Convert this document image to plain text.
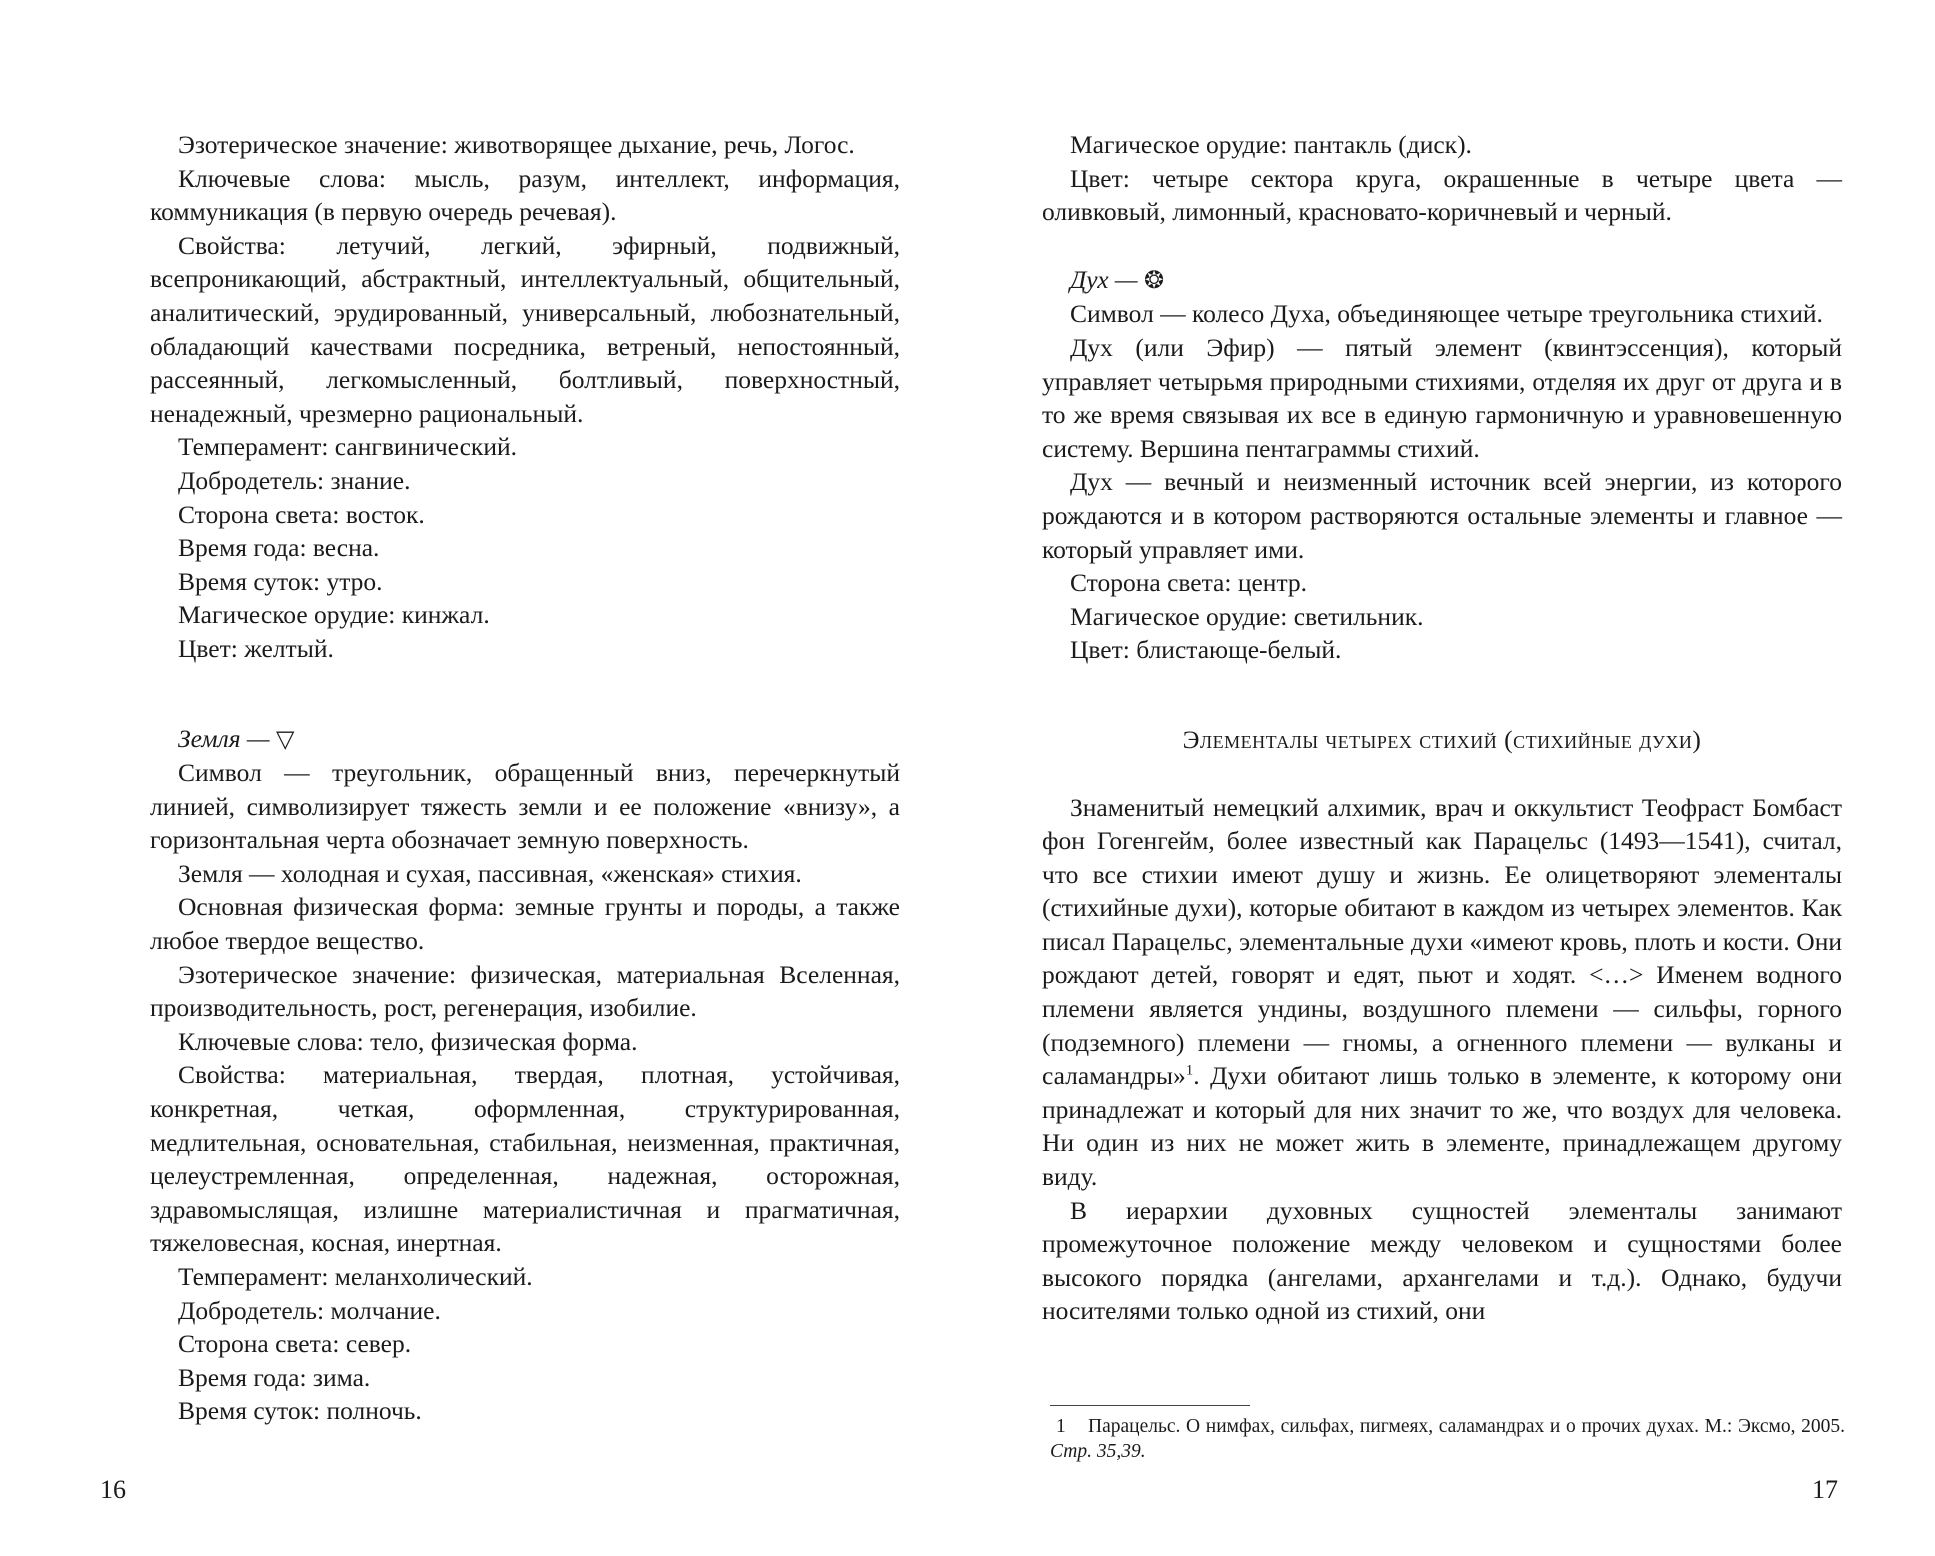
Эзотерическое значение: животворящее дыхание, речь, Логос.

Ключевые слова: мысль, разум, интеллект, информация, коммуникация (в первую очередь речевая).

Свойства: летучий, легкий, эфирный, подвижный, всепроникающий, абстрактный, интеллектуальный, общительный, аналитический, эрудированный, универсальный, любознательный, обладающий качествами посредника, ветреный, непостоянный, рассеянный, легкомысленный, болтливый, поверхностный, ненадежный, чрезмерно рациональный.

Темперамент: сангвинический.

Добродетель: знание.

Сторона света: восток.

Время года: весна.

Время суток: утро.

Магическое орудие: кинжал.

Цвет: желтый.

Земля — ▽

Символ — треугольник, обращенный вниз, перечеркнутый линией, символизирует тяжесть земли и ее положение «внизу», а горизонтальная черта обозначает земную поверхность.

Земля — холодная и сухая, пассивная, «женская» стихия.

Основная физическая форма: земные грунты и породы, а также любое твердое вещество.

Эзотерическое значение: физическая, материальная Вселенная, производительность, рост, регенерация, изобилие.

Ключевые слова: тело, физическая форма.

Свойства: материальная, твердая, плотная, устойчивая, конкретная, четкая, оформленная, структурированная, медлительная, основательная, стабильная, неизменная, практичная, целеустремленная, определенная, надежная, осторожная, здравомыслящая, излишне материалистичная и прагматичная, тяжеловесная, косная, инертная.

Темперамент: меланхолический.

Добродетель: молчание.

Сторона света: север.

Время года: зима.

Время суток: полночь.

16

Магическое орудие: пантакль (диск).

Цвет: четыре сектора круга, окрашенные в четыре цвета — оливковый, лимонный, красновато-коричневый и черный.

Дух — ❂

Символ — колесо Духа, объединяющее четыре треугольника стихий.

Дух (или Эфир) — пятый элемент (квинтэссенция), который управляет четырьмя природными стихиями, отделяя их друг от друга и в то же время связывая их все в единую гармоничную и уравновешенную систему. Вершина пентаграммы стихий.

Дух — вечный и неизменный источник всей энергии, из которого рождаются и в котором растворяются остальные элементы и главное — который управляет ими.

Сторона света: центр.

Магическое орудие: светильник.

Цвет: блистающе-белый.

Элементалы четырех стихий (стихийные духи)

Знаменитый немецкий алхимик, врач и оккультист Теофраст Бомбаст фон Гогенгейм, более известный как Парацельс (1493—1541), считал, что все стихии имеют душу и жизнь. Ее олицетворяют элементалы (стихийные духи), которые обитают в каждом из четырех элементов. Как писал Парацельс, элементальные духи «имеют кровь, плоть и кости. Они рождают детей, говорят и едят, пьют и ходят. <…> Именем водного племени является ундины, воздушного племени — сильфы, горного (подземного) племени — гномы, а огненного племени — вулканы и саламандры»$^1$. Духи обитают лишь только в элементе, к которому они принадлежат и который для них значит то же, что воздух для человека. Ни один из них не может жить в элементе, принадлежащем другому виду.

В иерархии духовных сущностей элементалы занимают промежуточное положение между человеком и сущностями более высокого порядка (ангелами, архангелами и т.д.). Однако, будучи носителями только одной из стихий, они

1 Парацельс. О нимфах, сильфах, пигмеях, саламандрах и о прочих духах. М.: Эксмо, 2005. Стр. 35,39.

17
